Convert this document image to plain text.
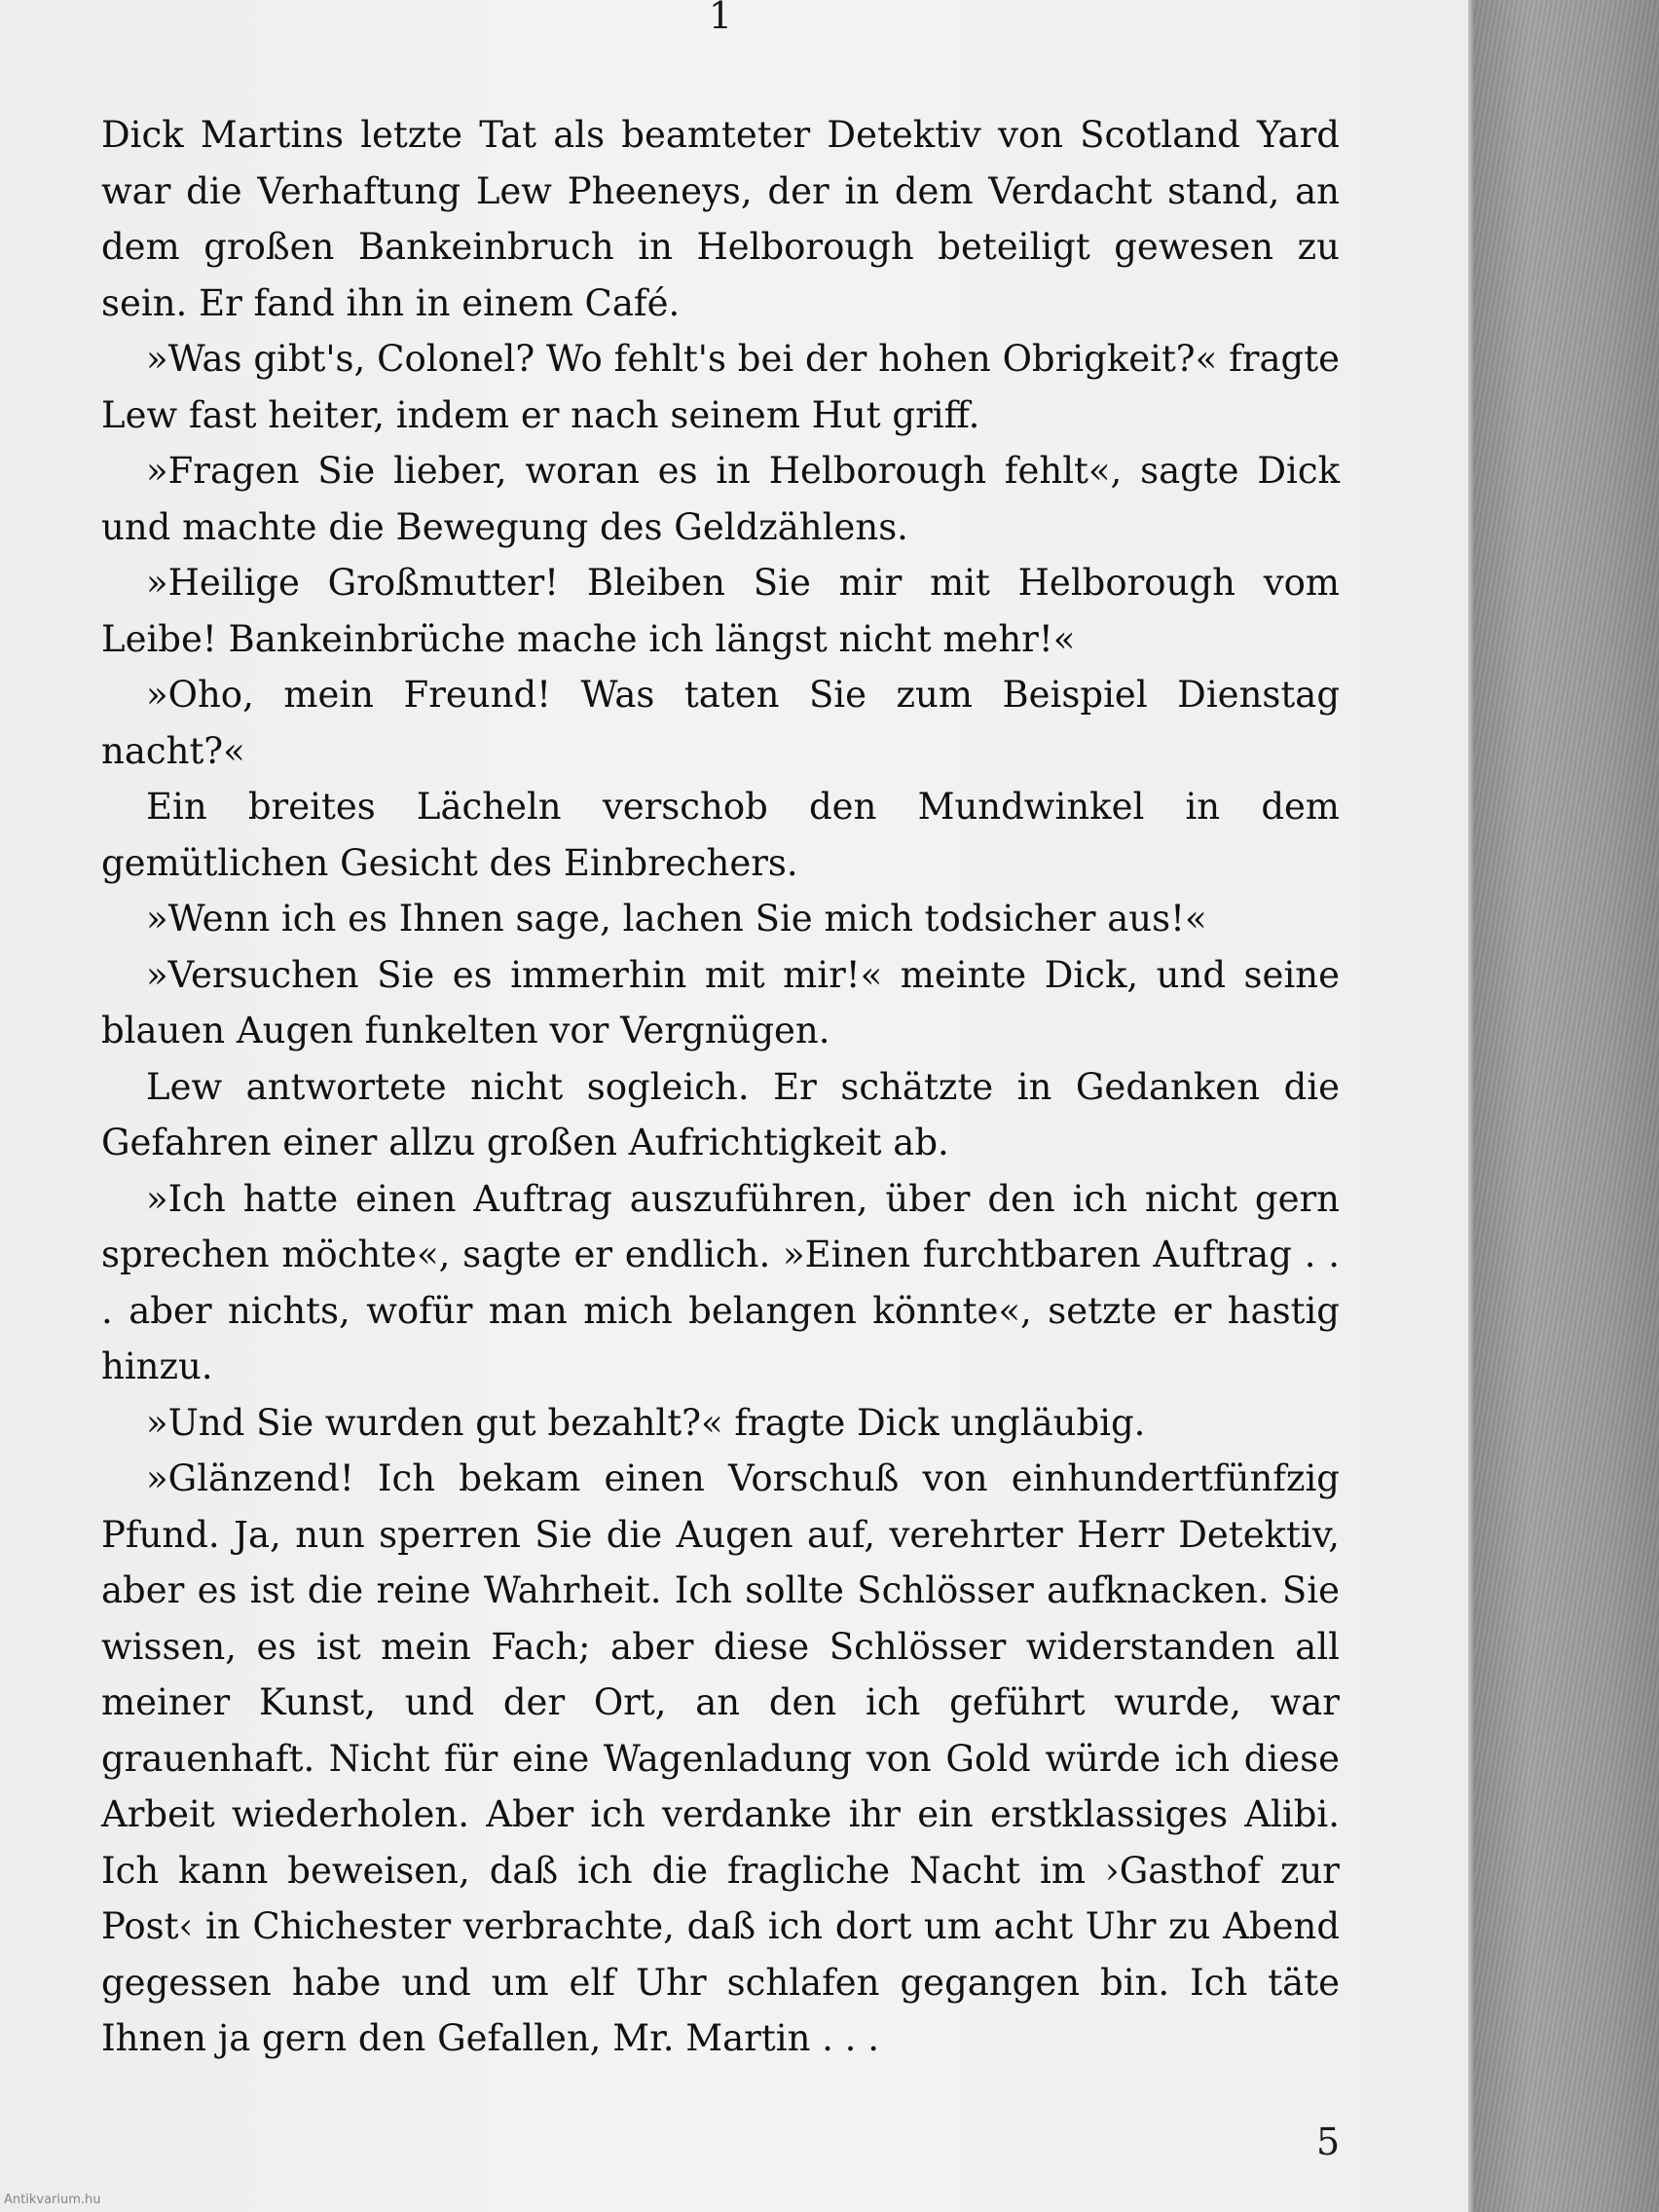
1

Dick Martins letzte Tat als beamteter Detektiv von Scotland Yard war die Verhaftung Lew Pheeneys, der in dem Verdacht stand, an dem großen Bankeinbruch in Helborough beteiligt gewesen zu sein. Er fand ihn in einem Café.

»Was gibt's, Colonel? Wo fehlt's bei der hohen Obrigkeit?« fragte Lew fast heiter, indem er nach seinem Hut griff.

»Fragen Sie lieber, woran es in Helborough fehlt«, sagte Dick und machte die Bewegung des Geldzählens.

»Heilige Großmutter! Bleiben Sie mir mit Helborough vom Leibe! Bankeinbrüche mache ich längst nicht mehr!«

»Oho, mein Freund! Was taten Sie zum Beispiel Dienstag nacht?«

Ein breites Lächeln verschob den Mundwinkel in dem gemütlichen Gesicht des Einbrechers.

»Wenn ich es Ihnen sage, lachen Sie mich todsicher aus!«

»Versuchen Sie es immerhin mit mir!« meinte Dick, und seine blauen Augen funkelten vor Vergnügen.

Lew antwortete nicht sogleich. Er schätzte in Gedanken die Gefahren einer allzu großen Aufrichtigkeit ab.

»Ich hatte einen Auftrag auszuführen, über den ich nicht gern sprechen möchte«, sagte er endlich. »Einen furchtbaren Auftrag . . . aber nichts, wofür man mich belangen könnte«, setzte er hastig hinzu.

»Und Sie wurden gut bezahlt?« fragte Dick ungläubig.

»Glänzend! Ich bekam einen Vorschuß von einhundertfünfzig Pfund. Ja, nun sperren Sie die Augen auf, verehrter Herr Detektiv, aber es ist die reine Wahrheit. Ich sollte Schlösser aufknacken. Sie wissen, es ist mein Fach; aber diese Schlösser widerstanden all meiner Kunst, und der Ort, an den ich geführt wurde, war grauenhaft. Nicht für eine Wagenladung von Gold würde ich diese Arbeit wiederholen. Aber ich verdanke ihr ein erstklassiges Alibi. Ich kann beweisen, daß ich die fragliche Nacht im ›Gasthof zur Post‹ in Chichester verbrachte, daß ich dort um acht Uhr zu Abend gegessen habe und um elf Uhr schlafen gegangen bin. Ich täte Ihnen ja gern den Gefallen, Mr. Martin . . .

5
Antikvarium.hu
